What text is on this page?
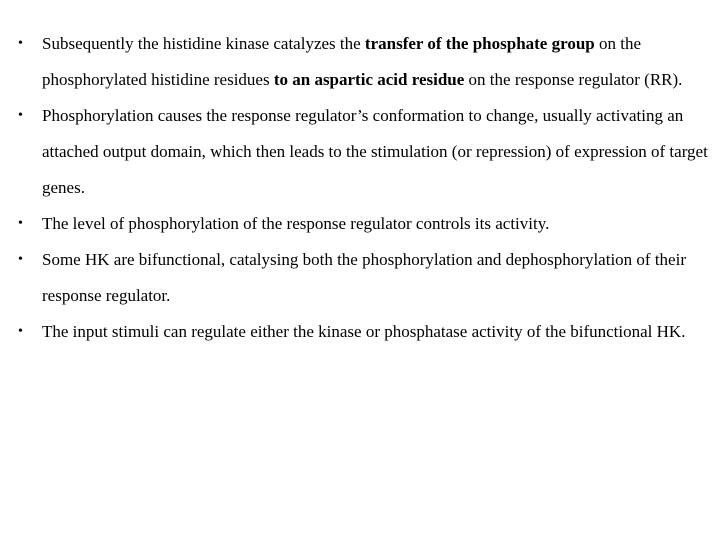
• Subsequently the histidine kinase catalyzes the transfer of the phosphate group on the phosphorylated histidine residues to an aspartic acid residue on the response regulator (RR).
• Phosphorylation causes the response regulator’s conformation to change, usually activating an attached output domain, which then leads to the stimulation (or repression) of expression of target genes.
• The level of phosphorylation of the response regulator controls its activity.
• Some HK are bifunctional, catalysing both the phosphorylation and dephosphorylation of their response regulator.
• The input stimuli can regulate either the kinase or phosphatase activity of the bifunctional HK.
